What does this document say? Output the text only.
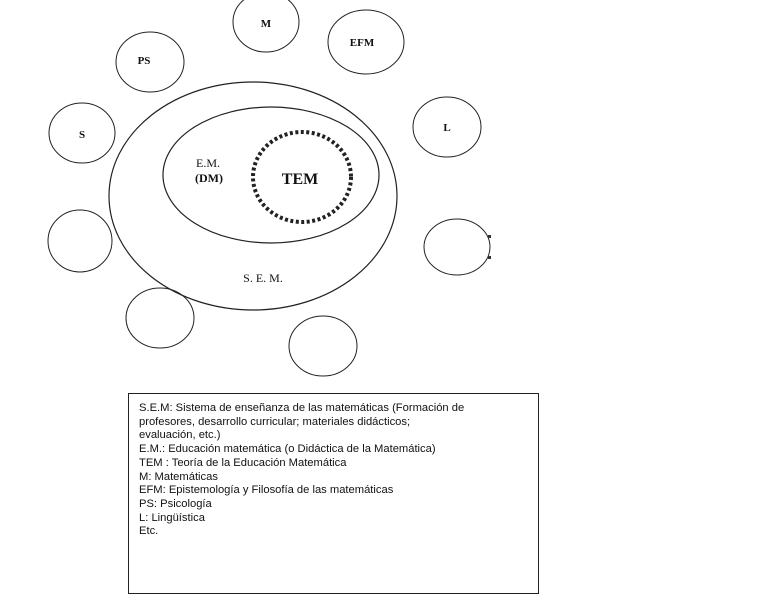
TEM
E.M.
(DM)
S. E. M.
M
EFM
L
PS
S
S.E.M: Sistema de enseñanza de las matemáticas (Formación de
profesores, desarrollo curricular; materiales didácticos;
evaluación, etc.)
E.M.: Educación matemática (o Didáctica de la Matemática)
TEM : Teoría de la Educación Matemática
M: Matemáticas
EFM: Epistemología y Filosofía de las matemáticas
PS: Psicología
L: Lingüística
Etc.
